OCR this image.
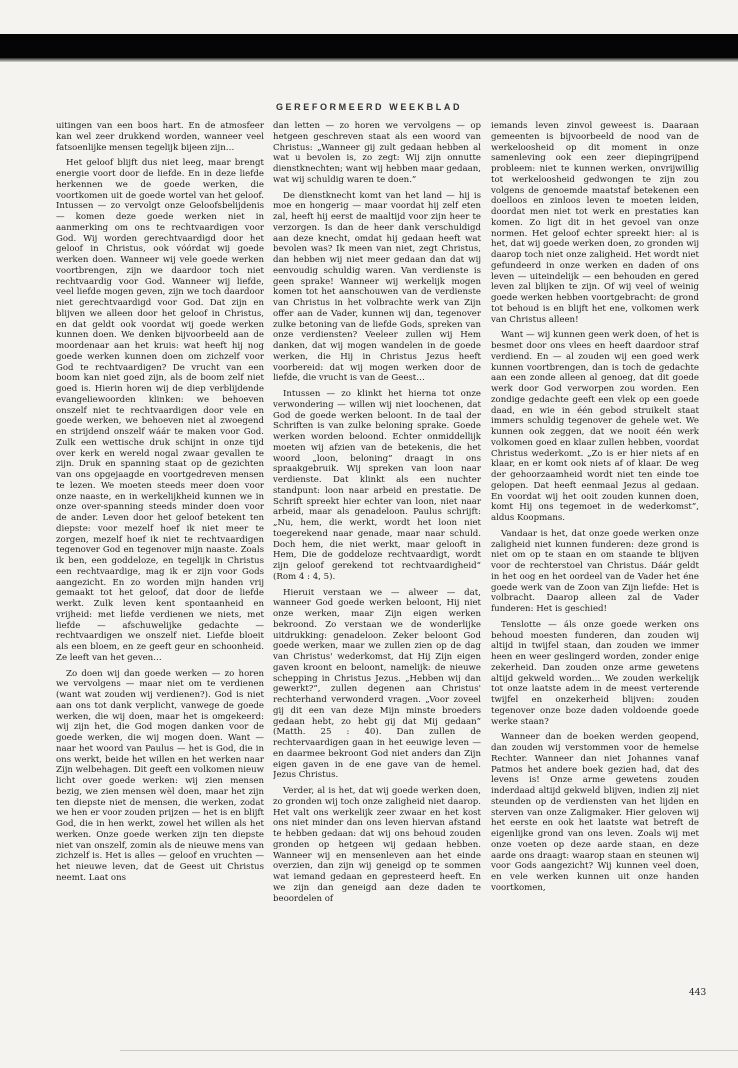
GEREFORMEERD WEEKBLAD

uitingen van een boos hart. En de atmosfeer kan wel zeer drukkend worden, wanneer veel fatsoenlijke mensen tegelijk bijeen zijn…

Het geloof blijft dus niet leeg, maar brengt energie voort door de liefde. En in deze liefde herkennen we de goede werken, die voortkomen uit de goede wortel van het geloof. Intussen — zo vervolgt onze Geloofsbelijdenis — komen deze goede werken niet in aanmerking om ons te rechtvaardigen voor God. Wij worden gerechtvaardigd door het geloof in Christus, ook vóórdat wij goede werken doen. Wanneer wij vele goede werken voortbrengen, zijn we daardoor toch niet rechtvaardig voor God. Wanneer wij liefde, veel liefde mogen geven, zijn we toch daardoor niet gerechtvaardigd voor God. Dat zijn en blijven we alleen door het geloof in Christus, en dat geldt ook voordat wij goede werken kunnen doen. We denken bijvoorbeeld aan de moordenaar aan het kruis: wat heeft hij nog goede werken kunnen doen om zichzelf voor God te rechtvaardigen? De vrucht van een boom kan niet goed zijn, als de boom zelf niet goed is. Hierin horen wij de diep verblijdende evangeliewoorden klinken: we behoeven onszelf niet te rechtvaardigen door vele en goede werken, we behoeven niet al zwoegend en strijdend onszelf wáár te maken voor God. Zulk een wettische druk schijnt in onze tijd over kerk en wereld nogal zwaar gevallen te zijn. Druk en spanning staat op de gezichten van ons opgejaagde en voortgedreven mensen te lezen. We moeten steeds meer doen voor onze naaste, en in werkelijkheid kunnen we in onze over-spanning steeds minder doen voor de ander. Leven door het geloof betekent ten diepste: voor mezelf hoef ik niet meer te zorgen, mezelf hoef ik niet te rechtvaardigen tegenover God en tegenover mijn naaste. Zoals ik ben, een goddeloze, en tegelijk in Christus een rechtvaardige, mag ik er zijn voor Gods aangezicht. En zo worden mijn handen vrij gemaakt tot het geloof, dat door de liefde werkt. Zulk leven kent spontaanheid en vrijheid: met liefde verdienen we niets, met liefde — afschuwelijke gedachte — rechtvaardigen we onszelf niet. Liefde bloeit als een bloem, en ze geeft geur en schoonheid. Ze leeft van het geven…

Zo doen wij dan goede werken — zo horen we vervolgens — maar niet om te verdienen (want wat zouden wij verdienen?). God is niet aan ons tot dank verplicht, vanwege de goede werken, die wij doen, maar het is omgekeerd: wij zijn het, die God mogen danken voor de goede werken, die wij mogen doen. Want — naar het woord van Paulus — het is God, die in ons werkt, beide het willen en het werken naar Zijn welbehagen. Dit geeft een volkomen nieuw licht over goede werken: wij zien mensen bezig, we zien mensen wèl doen, maar het zijn ten diepste niet de mensen, die werken, zodat we hen er voor zouden prijzen — het is en blijft God, die in hen werkt, zowel het willen als het werken. Onze goede werken zijn ten diepste niet van onszelf, zomin als de nieuwe mens van zichzelf is. Het is alles — geloof en vruchten — het nieuwe leven, dat de Geest uit Christus neemt. Laat ons

dan letten — zo horen we vervolgens — op hetgeen geschreven staat als een woord van Christus: „Wanneer gij zult gedaan hebben al wat u bevolen is, zo zegt: Wij zijn onnutte dienstknechten; want wij hebben maar gedaan, wat wij schuldig waren te doen.”

De dienstknecht komt van het land — hij is moe en hongerig — maar voordat hij zelf eten zal, heeft hij eerst de maaltijd voor zijn heer te verzorgen. Is dan de heer dank verschuldigd aan deze knecht, omdat hij gedaan heeft wat bevolen was? Ik meen van niet, zegt Christus, dan hebben wij niet meer gedaan dan dat wij eenvoudig schuldig waren. Van verdienste is geen sprake! Wanneer wij werkelijk mogen komen tot het aanschouwen van de verdienste van Christus in het volbrachte werk van Zijn offer aan de Vader, kunnen wij dan, tegenover zulke betoning van de liefde Gods, spreken van onze verdiensten? Veeleer zullen wij Hem danken, dat wij mogen wandelen in de goede werken, die Hij in Christus Jezus heeft voorbereid: dat wij mogen werken door de liefde, die vrucht is van de Geest…

Intussen — zo klinkt het hierna tot onze verwondering — willen wij niet loochenen, dat God de goede werken beloont. In de taal der Schriften is van zulke beloning sprake. Goede werken worden beloond. Echter onmiddellijk moeten wij afzien van de betekenis, die het woord „loon, beloning” draagt in ons spraakgebruik. Wij spreken van loon naar verdienste. Dat klinkt als een nuchter standpunt: loon naar arbeid en prestatie. De Schrift spreekt hier echter van loon, niet naar arbeid, maar als genadeloon. Paulus schrijft: „Nu, hem, die werkt, wordt het loon niet toegerekend naar genade, maar naar schuld. Doch hem, die niet werkt, maar gelooft in Hem, Die de goddeloze rechtvaardigt, wordt zijn geloof gerekend tot rechtvaardigheid” (Rom 4 : 4, 5).

Hieruit verstaan we — alweer — dat, wanneer God goede werken beloont, Hij niet onze werken, maar Zijn eigen werken bekroond. Zo verstaan we de wonderlijke uitdrukking: genadeloon. Zeker beloont God goede werken, maar we zullen zien op de dag van Christus' wederkomst, dat Hij Zijn eigen gaven kroont en beloont, namelijk: de nieuwe schepping in Christus Jezus. „Hebben wij dan gewerkt?”, zullen degenen aan Christus' rechterhand verwonderd vragen. „Voor zoveel gij dit een van deze Mijn minste broeders gedaan hebt, zo hebt gij dat Mij gedaan” (Matth. 25 : 40). Dan zullen de rechtervaardigen gaan in het eeuwige leven — en daarmee bekroont God niet anders dan Zijn eigen gaven in de ene gave van de hemel. Jezus Christus.

Verder, al is het, dat wij goede werken doen, zo gronden wij toch onze zaligheid niet daarop. Het valt ons werkelijk zeer zwaar en het kost ons niet minder dan ons leven hiervan afstand te hebben gedaan: dat wij ons behoud zouden gronden op hetgeen wij gedaan hebben. Wanneer wij en mensenleven aan het einde overzien, dan zijn wij geneigd op te sommen wat iemand gedaan en gepresteerd heeft. En we zijn dan geneigd aan deze daden te beoordelen of

iemands leven zinvol geweest is. Daaraan gemeenten is bijvoorbeeld de nood van de werkeloosheid op dit moment in onze samenleving ook een zeer diepingrijpend probleem: niet te kunnen werken, onvrijwillig tot werkeloosheid gedwongen te zijn zou volgens de genoemde maatstaf betekenen een doelloos en zinloos leven te moeten leiden, doordat men niet tot werk en prestaties kan komen. Zo ligt dit in het gevoel van onze normen. Het geloof echter spreekt hier: al is het, dat wij goede werken doen, zo gronden wij daarop toch niet onze zaligheid. Het wordt niet gefundeerd in onze werken en daden of ons leven — uiteindelijk — een behouden en gered leven zal blijken te zijn. Of wij veel of weinig goede werken hebben voortgebracht: de grond tot behoud is en blijft het ene, volkomen werk van Christus alleen!

Want — wij kunnen geen werk doen, of het is besmet door ons vlees en heeft daardoor straf verdiend. En — al zouden wij een goed werk kunnen voortbrengen, dan is toch de gedachte aan een zonde alleen al genoeg, dat dit goede werk door God verworpen zou worden. Een zondige gedachte geeft een vlek op een goede daad, en wie in één gebod struikelt staat immers schuldig tegenover de gehele wet. We kunnen ook zeggen, dat we nooit één werk volkomen goed en klaar zullen hebben, voordat Christus wederkomt. „Zo is er hier niets af en klaar, en er komt ook niets af of klaar. De weg der gehoorzaamheid wordt niet ten einde toe gelopen. Dat heeft eenmaal Jezus al gedaan. En voordat wij het ooit zouden kunnen doen, komt Hij ons tegemoet in de wederkomst”, aldus Koopmans.

Vandaar is het, dat onze goede werken onze zaligheid niet kunnen funderen: deze grond is niet om op te staan en om staande te blijven voor de rechterstoel van Christus. Dáár geldt in het oog en het oordeel van de Vader het éne goede werk van de Zoon van Zijn liefde: Het is volbracht. Daarop alleen zal de Vader funderen: Het is geschied!

Tenslotte — áls onze goede werken ons behoud moesten funderen, dan zouden wij altijd in twijfel staan, dan zouden we immer heen en weer geslingerd worden, zonder enige zekerheid. Dan zouden onze arme gewetens altijd gekweld worden… We zouden werkelijk tot onze laatste adem in de meest verterende twijfel en onzekerheid blijven: zouden tegenover onze boze daden voldoende goede werke staan?

Wanneer dan de boeken werden geopend, dan zouden wij verstommen voor de hemelse Rechter. Wanneer dan niet Johannes vanaf Patmos het andere boek gezien had, dat des levens is! Onze arme gewetens zouden inderdaad altijd gekweld blijven, indien zij niet steunden op de verdiensten van het lijden en sterven van onze Zaligmaker. Hier geloven wij het eerste en ook het laatste wat betreft de eigenlijke grond van ons leven. Zoals wij met onze voeten op deze aarde staan, en deze aarde ons draagt: waarop staan en steunen wij voor Gods aangezicht? Wij kunnen veel doen, en vele werken kunnen uit onze handen voortkomen,

443
